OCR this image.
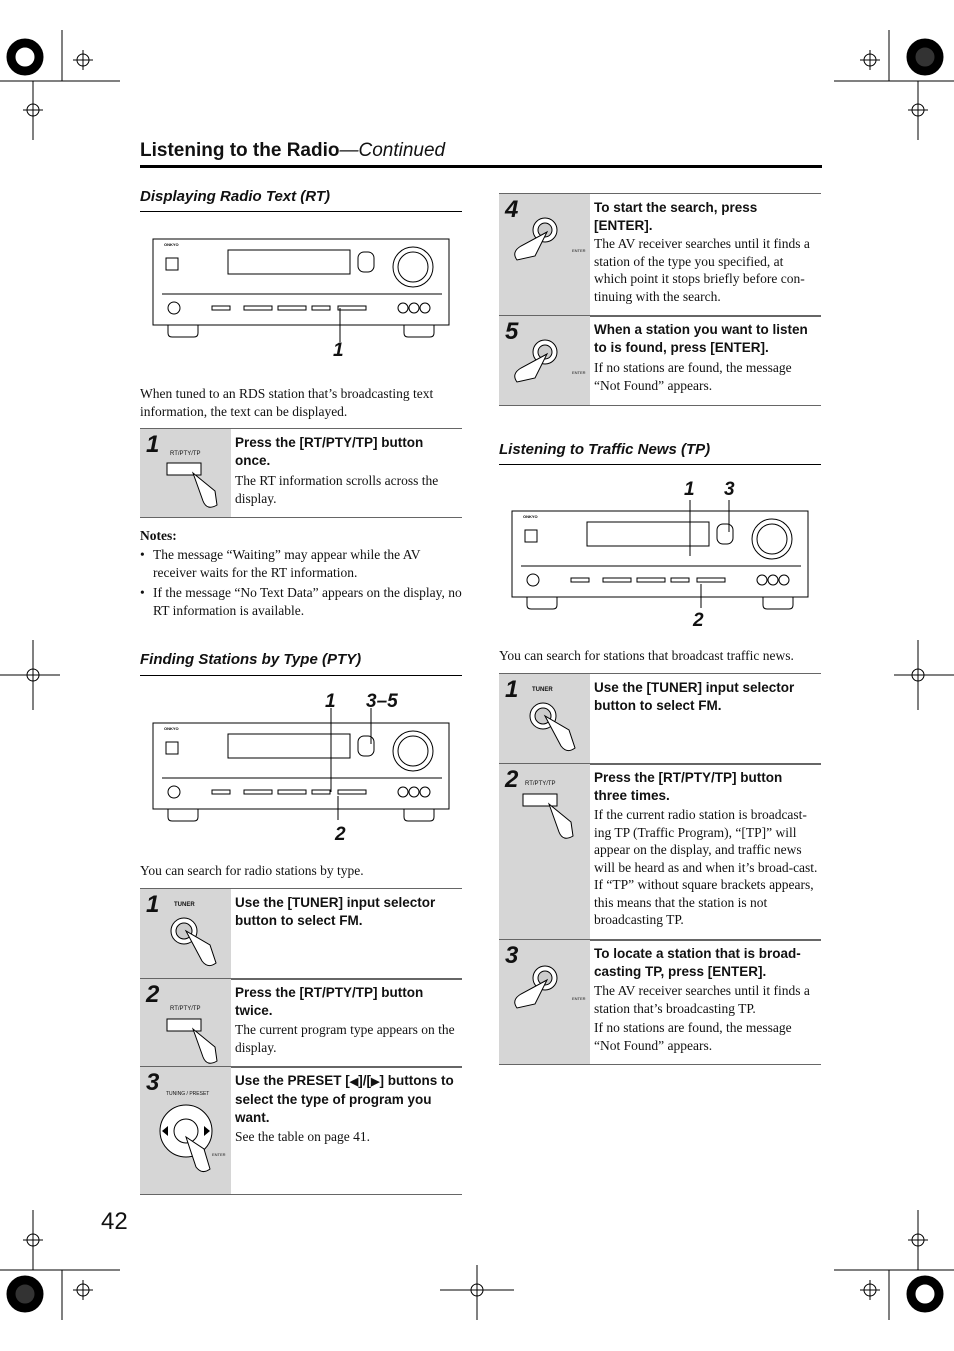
Listening to the Radio—Continued
Displaying Radio Text (RT)
ONKYO
1
When tuned to an RDS station that’s broadcasting text information, the text can be displayed.
1 RT/PTY/TP
Press the [RT/PTY/TP] button once.
The RT information scrolls across the display.
Notes:
• The message “Waiting” may appear while the AV receiver waits for the RT information.
• If the message “No Text Data” appears on the display, no RT information is available.
Finding Stations by Type (PTY)
1 3–5
ONKYO
2
You can search for radio stations by type.
1 TUNER	Use the [TUNER] input selector button to select FM.
2
RT/PTY/TP
Press the [RT/PTY/TP] button twice.
The current program type appears on the display.
3 TUNING / PRESET
ENTER
Use the PRESET [◀]/[▶] buttons to select the type of program you want.
See the table on page 41.
42
4
ENTER
To start the search, press [ENTER].
The AV receiver searches until it finds a station of the type you specified, at which point it stops briefly before con-tinuing with the search.
5
ENTER
When a station you want to listen to is found, press [ENTER].
If no stations are found, the message “Not Found” appears.
Listening to Traffic News (TP)
1 3
ONKYO
2
You can search for stations that broadcast traffic news.
1 TUNER	Use the [TUNER] input selector button to select FM.
2 RT/PTY/TP	Press the [RT/PTY/TP] button three times.
If the current radio station is broadcast-ing TP (Traffic Program), “[TP]” will appear on the display, and traffic news will be heard as and when it’s broad-cast. If “TP” without square brackets appears, this means that the station is not broadcasting TP.
3
ENTER
To locate a station that is broad-casting TP, press [ENTER].
The AV receiver searches until it finds a station that’s broadcasting TP.
If no stations are found, the message “Not Found” appears.
